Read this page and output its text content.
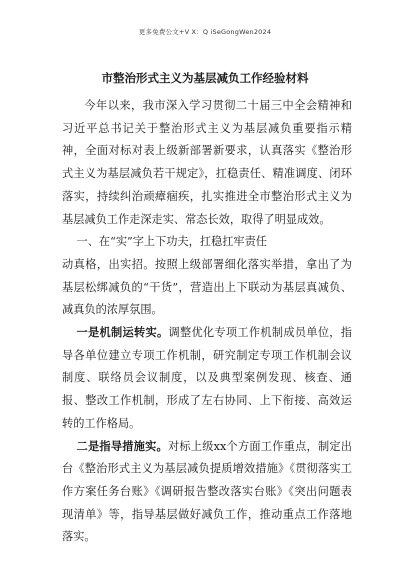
更多免费公文+V X：Q iSeGongWen2024
市整治形式主义为基层减负工作经验材料

今年以来，我市深入学习贯彻二十届三中全会精神和习近平总书记关于整治形式主义为基层减负重要指示精神，全面对标对表上级新部署新要求，认真落实《整治形式主义为基层减负若干规定》，扛稳责任、精准调度、闭环落实，持续纠治顽瘴痼疾，扎实推进全市整治形式主义为基层减负工作走深走实、常态长效，取得了明显成效。

一、在“实”字上下功夫，扛稳扛牢责任

动真格，出实招。按照上级部署细化落实举措，拿出了为基层松绑减负的“干货”，营造出上下联动为基层真减负、减真负的浓厚氛围。

一是机制运转实。调整优化专项工作机制成员单位，指导各单位建立专项工作机制，研究制定专项工作机制会议制度、联络员会议制度，以及典型案例发现、核查、通报、整改工作机制，形成了左右协同、上下衔接、高效运转的工作格局。

二是指导措施实。对标上级xx个方面工作重点，制定出台《整治形式主义为基层减负提质增效措施》《贯彻落实工作方案任务台账》《调研报告整改落实台账》《突出问题表现清单》等，指导基层做好减负工作，推动重点工作落地落实。
